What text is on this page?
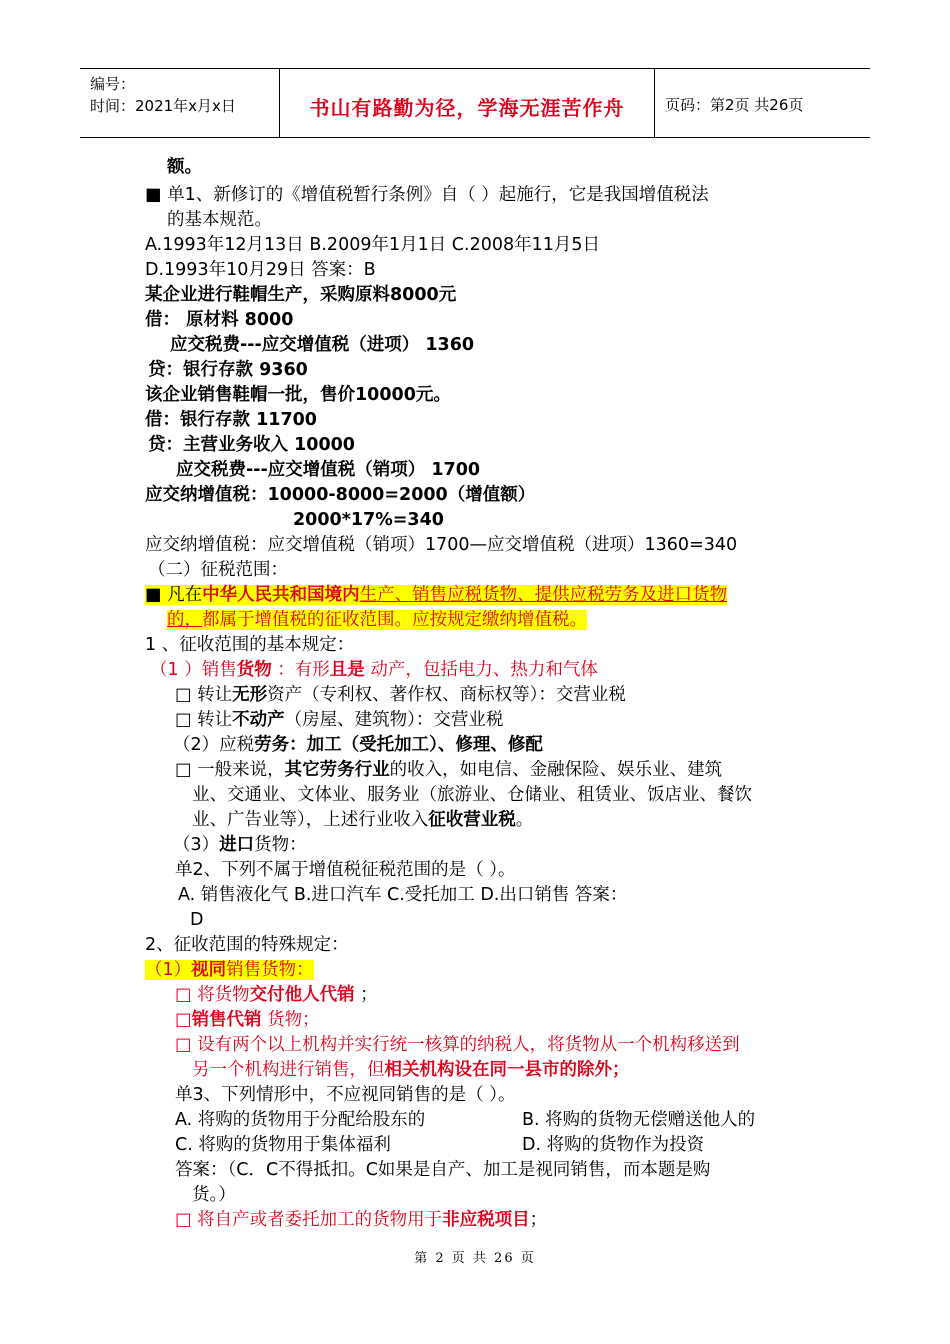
编号：
时间：2021年x月x日	书山有路勤为径，学海无涯苦作舟	页码：第2页 共26页
额。
■ 单1、新修订的《增值税暂行条例》自（ ）起施行，它是我国增值税法
的基本规范。
A.1993年12月13日 B.2009年1月1日 C.2008年11月5日
D.1993年10月29日 答案：B
某企业进行鞋帽生产，采购原料8000元
借： 原材料 8000
应交税费---应交增值税（进项） 1360
贷：银行存款 9360
该企业销售鞋帽一批，售价10000元。
借：银行存款 11700
贷：主营业务收入 10000
应交税费---应交增值税（销项） 1700
应交纳增值税：10000-8000=2000（增值额）
2000*17%=340
应交纳增值税：应交增值税（销项）1700—应交增值税（进项）1360=340
（二）征税范围：
■ 凡在中华人民共和国境内生产、销售应税货物、提供应税劳务及进口货物
的，都属于增值税的征收范围。应按规定缴纳增值税。
1 、征收范围的基本规定：
（1 ）销售货物 ：有形且是 动产，包括电力、热力和气体
□ 转让无形资产（专利权、著作权、商标权等）：交营业税
□ 转让不动产（房屋、建筑物）：交营业税
（2）应税劳务：加工（受托加工）、修理、修配
□ 一般来说，其它劳务行业的收入，如电信、金融保险、娱乐业、建筑
业、交通业、文体业、服务业（旅游业、仓储业、租赁业、饭店业、餐饮
业、广告业等），上述行业收入征收营业税。
（3）进口货物：
单2、下列不属于增值税征税范围的是（ ）。
A. 销售液化气 B.进口汽车 C.受托加工 D.出口销售 答案：
D
2、征收范围的特殊规定：
（1）视同销售货物：
□ 将货物交付他人代销 ；
□销售代销 货物；
□ 设有两个以上机构并实行统一核算的纳税人，将货物从一个机构移送到
另一个机构进行销售，但相关机构设在同一县市的除外；
单3、下列情形中，不应视同销售的是（ ）。
A. 将购的货物用于分配给股东的	B. 将购的货物无偿赠送他人的
C. 将购的货物用于集体福利	D. 将购的货物作为投资
答案：（C．C不得抵扣。C如果是自产、加工是视同销售，而本题是购
货。）
□ 将自产或者委托加工的货物用于非应税项目；
第 2 页 共 26 页
